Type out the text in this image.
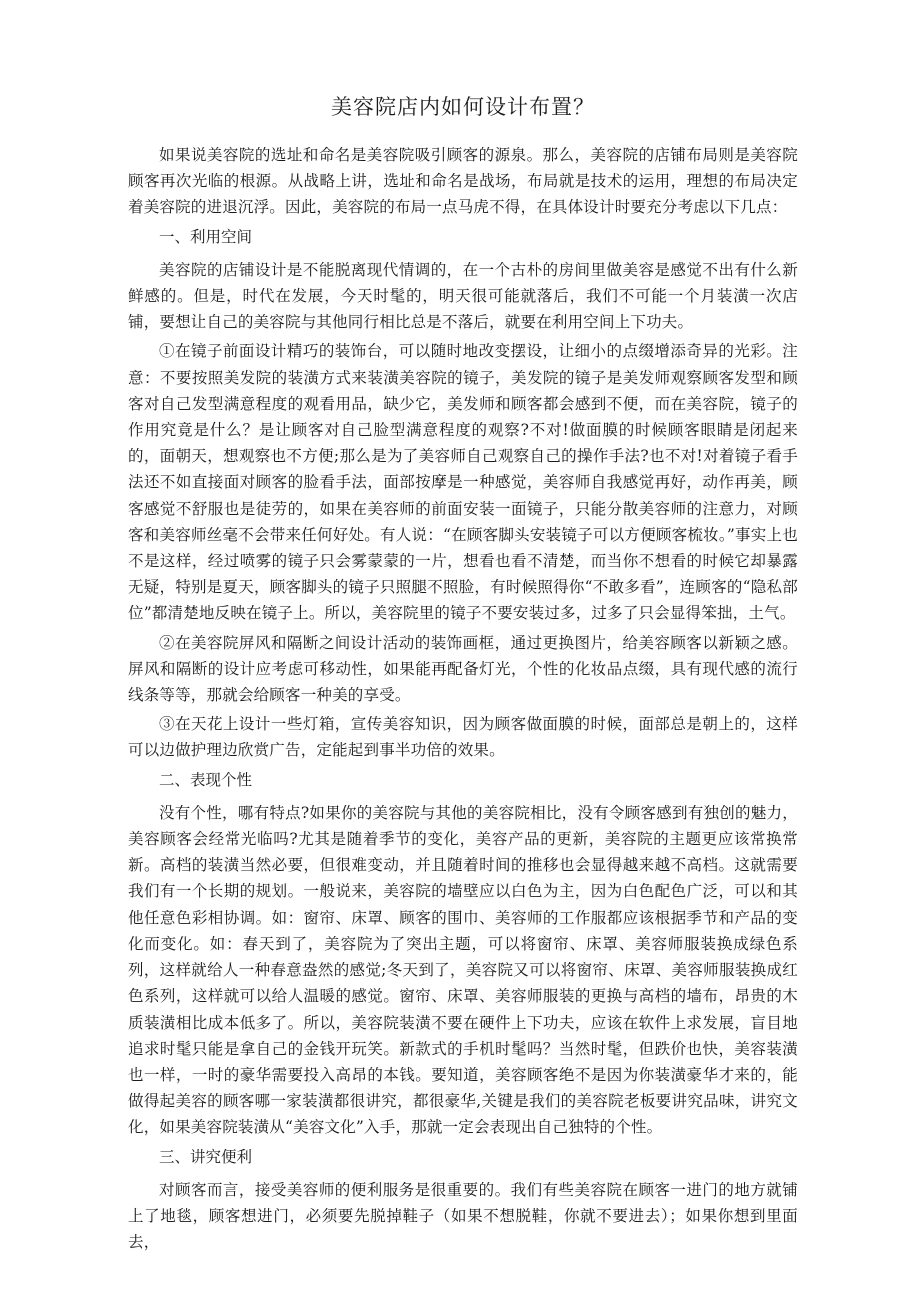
美容院店内如何设计布置？

如果说美容院的选址和命名是美容院吸引顾客的源泉。那么，美容院的店铺布局则是美容院顾客再次光临的根源。从战略上讲，选址和命名是战场，布局就是技术的运用，理想的布局决定着美容院的进退沉浮。因此，美容院的布局一点马虎不得，在具体设计时要充分考虑以下几点：

一、利用空间

美容院的店铺设计是不能脱离现代情调的，在一个古朴的房间里做美容是感觉不出有什么新鲜感的。但是，时代在发展，今天时髦的，明天很可能就落后，我们不可能一个月装潢一次店铺，要想让自己的美容院与其他同行相比总是不落后，就要在利用空间上下功夫。

①在镜子前面设计精巧的装饰台，可以随时地改变摆设，让细小的点缀增添奇异的光彩。注意：不要按照美发院的装潢方式来装潢美容院的镜子，美发院的镜子是美发师观察顾客发型和顾客对自己发型满意程度的观看用品，缺少它，美发师和顾客都会感到不便，而在美容院，镜子的作用究竟是什么？是让顾客对自己脸型满意程度的观察?不对!做面膜的时候顾客眼睛是闭起来的，面朝天，想观察也不方便;那么是为了美容师自己观察自己的操作手法?也不对!对着镜子看手法还不如直接面对顾客的脸看手法，面部按摩是一种感觉，美容师自我感觉再好，动作再美，顾客感觉不舒服也是徒劳的，如果在美容师的前面安装一面镜子，只能分散美容师的注意力，对顾客和美容师丝毫不会带来任何好处。有人说：“在顾客脚头安装镜子可以方便顾客梳妆。”事实上也不是这样，经过喷雾的镜子只会雾蒙蒙的一片，想看也看不清楚，而当你不想看的时候它却暴露无疑，特别是夏天，顾客脚头的镜子只照腿不照脸，有时候照得你“不敢多看”，连顾客的“隐私部位”都清楚地反映在镜子上。所以，美容院里的镜子不要安装过多，过多了只会显得笨拙，土气。

②在美容院屏风和隔断之间设计活动的装饰画框，通过更换图片，给美容顾客以新颖之感。屏风和隔断的设计应考虑可移动性，如果能再配备灯光，个性的化妆品点缀，具有现代感的流行线条等等，那就会给顾客一种美的享受。

③在天花上设计一些灯箱，宣传美容知识，因为顾客做面膜的时候，面部总是朝上的，这样可以边做护理边欣赏广告，定能起到事半功倍的效果。

二、表现个性

没有个性，哪有特点?如果你的美容院与其他的美容院相比，没有令顾客感到有独创的魅力，美容顾客会经常光临吗?尤其是随着季节的变化，美容产品的更新，美容院的主题更应该常换常新。高档的装潢当然必要，但很难变动，并且随着时间的推移也会显得越来越不高档。这就需要我们有一个长期的规划。一般说来，美容院的墙壁应以白色为主，因为白色配色广泛，可以和其他任意色彩相协调。如：窗帘、床罩、顾客的围巾、美容师的工作服都应该根据季节和产品的变化而变化。如：春天到了，美容院为了突出主题，可以将窗帘、床罩、美容师服装换成绿色系列，这样就给人一种春意盎然的感觉;冬天到了，美容院又可以将窗帘、床罩、美容师服装换成红色系列，这样就可以给人温暖的感觉。窗帘、床罩、美容师服装的更换与高档的墙布，昂贵的木质装潢相比成本低多了。所以，美容院装潢不要在硬件上下功夫，应该在软件上求发展，盲目地追求时髦只能是拿自己的金钱开玩笑。新款式的手机时髦吗？当然时髦，但跌价也快，美容装潢也一样，一时的豪华需要投入高昂的本钱。要知道，美容顾客绝不是因为你装潢豪华才来的，能做得起美容的顾客哪一家装潢都很讲究，都很豪华,关键是我们的美容院老板要讲究品味，讲究文化，如果美容院装潢从“美容文化”入手，那就一定会表现出自己独特的个性。

三、讲究便利

对顾客而言，接受美容师的便利服务是很重要的。我们有些美容院在顾客一进门的地方就铺上了地毯，顾客想进门，必须要先脱掉鞋子（如果不想脱鞋，你就不要进去）；如果你想到里面去，
